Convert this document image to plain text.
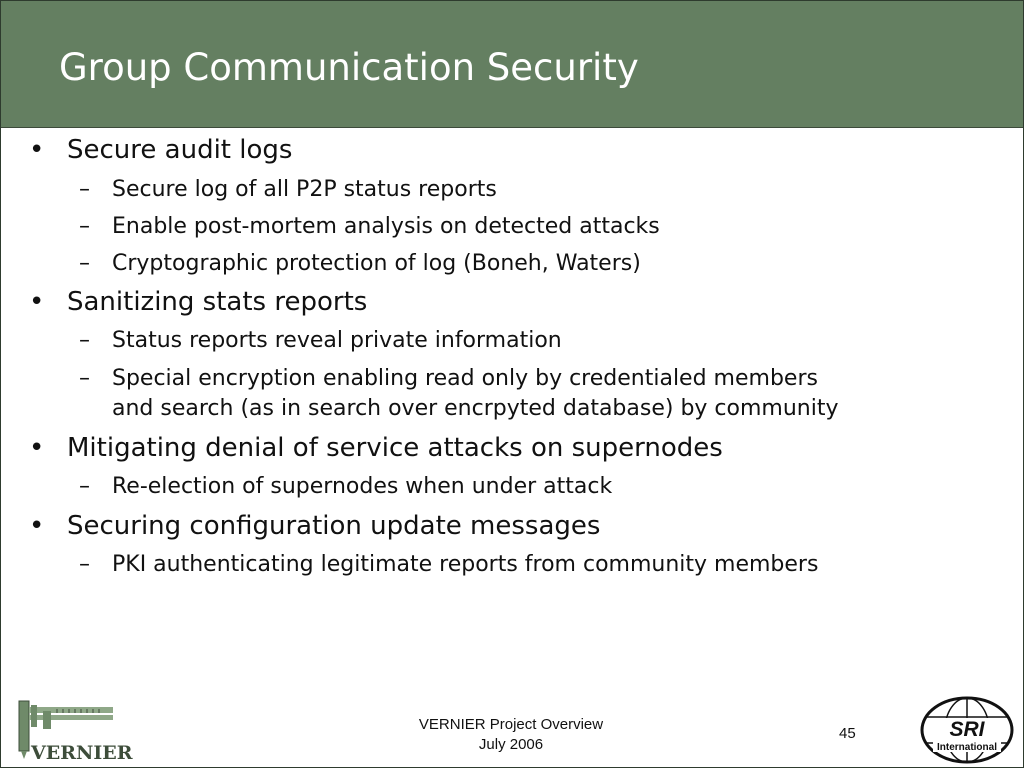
Group Communication Security
• Secure audit logs
– Secure log of all P2P status reports
– Enable post-mortem analysis on detected attacks
– Cryptographic protection of log (Boneh, Waters)
• Sanitizing stats reports
– Status reports reveal private information
– Special encryption enabling read only by credentialed members
and search (as in search over encrpyted database) by community
• Mitigating denial of service attacks on supernodes
– Re-election of supernodes when under attack
• Securing configuration update messages
– PKI authenticating legitimate reports from community members
VERNIER
VERNIER Project Overview
July 2006
45	SRI
International
